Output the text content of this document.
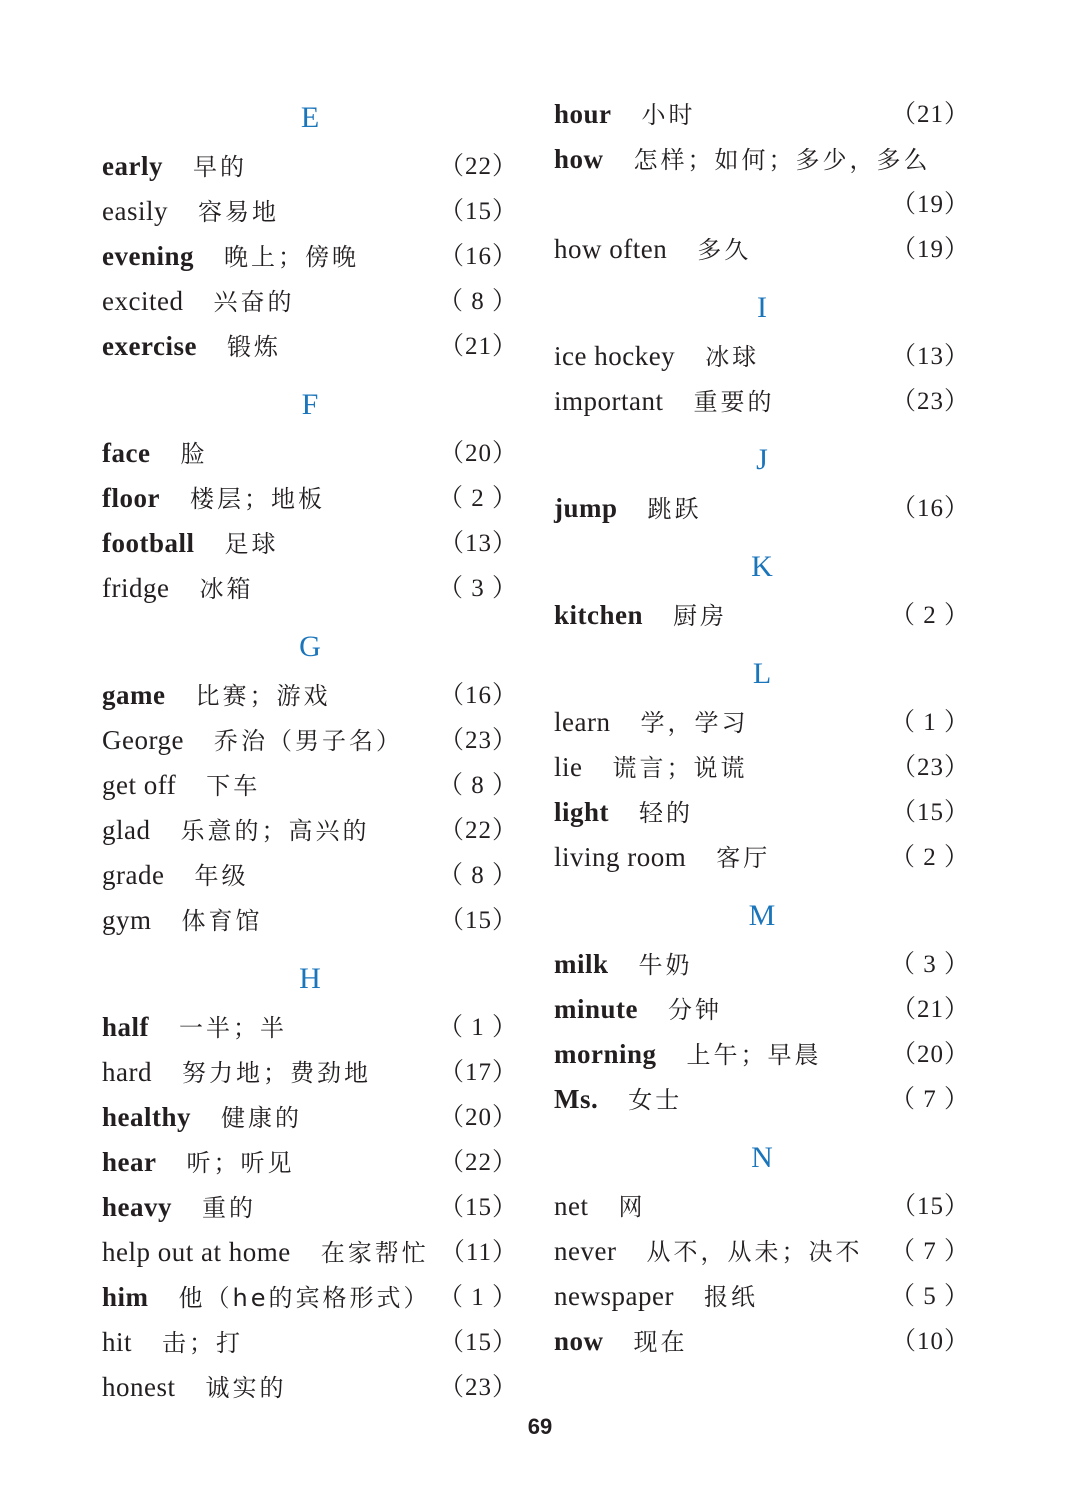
E
early 早的	（22）
easily 容易地	（15）
evening 晚上；傍晚	（16）
excited 兴奋的	（ 8 ）
exercise 锻炼	（21）
F
face 脸	（20）
floor 楼层；地板	（ 2 ）
football 足球	（13）
fridge 冰箱	（ 3 ）
G
game 比赛；游戏	（16）
George 乔治（男子名） （23）
get off 下车	（ 8 ）
glad 乐意的；高兴的	（22）
grade 年级	（ 8 ）
gym 体育馆	（15）
H
half 一半；半	（ 1 ）
hard 努力地；费劲地	（17）
healthy 健康的	（20）
hear 听；听见	（22）
heavy 重的	（15）
help out at home 在家帮忙 （11）
him 他（he的宾格形式） （ 1 ）
hit 击；打	（15）
honest 诚实的	（23）
hour 小时	（21）
how 怎样；如何；多少，多么
（19）
how often 多久	（19）
I
ice hockey 冰球	（13）
important 重要的	（23）
J
jump 跳跃	（16）
K
kitchen 厨房	（ 2 ）
L
learn 学，学习	（ 1 ）
lie 谎言；说谎	（23）
light 轻的	（15）
living room 客厅	（ 2 ）
M
milk 牛奶	（ 3 ）
minute 分钟	（21）
morning 上午；早晨	（20）
Ms. 女士	（ 7 ）
N
net 网	（15）
never 从不，从未；决不 （ 7 ）
newspaper 报纸	（ 5 ）
now 现在	（10）
69
